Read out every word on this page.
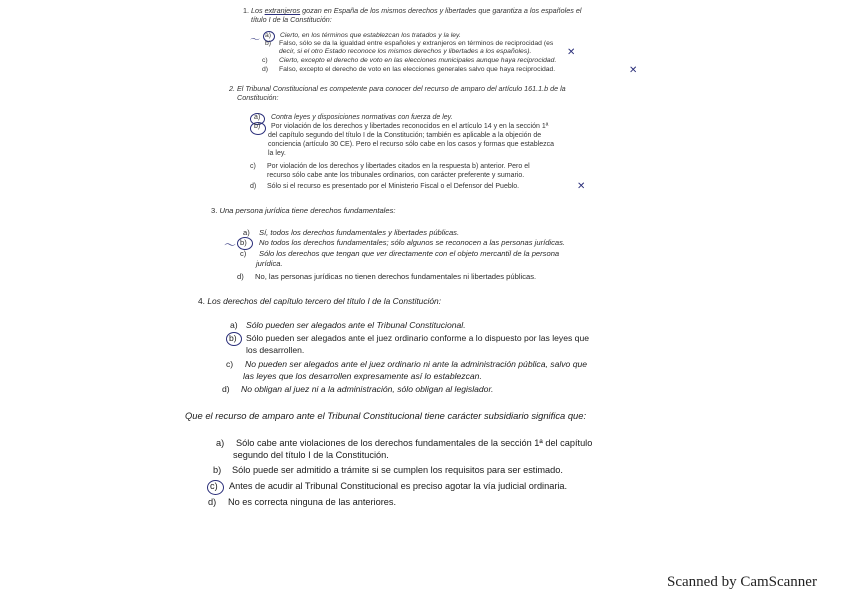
1. Los extranjeros gozan en España de los mismos derechos y libertades que garantiza a los españoles el
título I de la Constitución:
〜 a) Cierto, en los términos que establezcan los tratados y la ley.
b) Falso, sólo se da la igualdad entre españoles y extranjeros en términos de reciprocidad (es
decir, si el otro Estado reconoce los mismos derechos y libertades a los españoles).	✕
c) Cierto, excepto el derecho de voto en las elecciones municipales aunque haya reciprocidad.
d) Falso, excepto el derecho de voto en las elecciones generales salvo que haya reciprocidad.	✕
2. El Tribunal Constitucional es competente para conocer del recurso de amparo del artículo 161.1.b de la
Constitución:
a) Contra leyes y disposiciones normativas con fuerza de ley.
b) Por violación de los derechos y libertades reconocidos en el artículo 14 y en la sección 1ª
del capítulo segundo del título I de la Constitución; también es aplicable a la objeción de
conciencia (artículo 30 CE). Pero el recurso sólo cabe en los casos y formas que establezca
la ley.
c) Por violación de los derechos y libertades citados en la respuesta b) anterior. Pero el
recurso sólo cabe ante los tribunales ordinarios, con carácter preferente y sumario.
d) Sólo si el recurso es presentado por el Ministerio Fiscal o el Defensor del Pueblo.	✕
3. Una persona jurídica tiene derechos fundamentales:
〜
a) Sí, todos los derechos fundamentales y libertades públicas.
b) No todos los derechos fundamentales; sólo algunos se reconocen a las personas jurídicas.
c) Sólo los derechos que tengan que ver directamente con el objeto mercantil de la persona
jurídica.
d) No, las personas jurídicas no tienen derechos fundamentales ni libertades públicas.
4. Los derechos del capítulo tercero del título I de la Constitución:
a) Sólo pueden ser alegados ante el Tribunal Constitucional.
b) Sólo pueden ser alegados ante el juez ordinario conforme a lo dispuesto por las leyes que
los desarrollen.
c) No pueden ser alegados ante el juez ordinario ni ante la administración pública, salvo que
las leyes que los desarrollen expresamente así lo establezcan.
d) No obligan al juez ni a la administración, sólo obligan al legislador.
Que el recurso de amparo ante el Tribunal Constitucional tiene carácter subsidiario significa que:
a) Sólo cabe ante violaciones de los derechos fundamentales de la sección 1ª del capítulo
segundo del título I de la Constitución.
b) Sólo puede ser admitido a trámite si se cumplen los requisitos para ser estimado.
c) Antes de acudir al Tribunal Constitucional es preciso agotar la vía judicial ordinaria.
d) No es correcta ninguna de las anteriores.
Scanned by CamScanner
